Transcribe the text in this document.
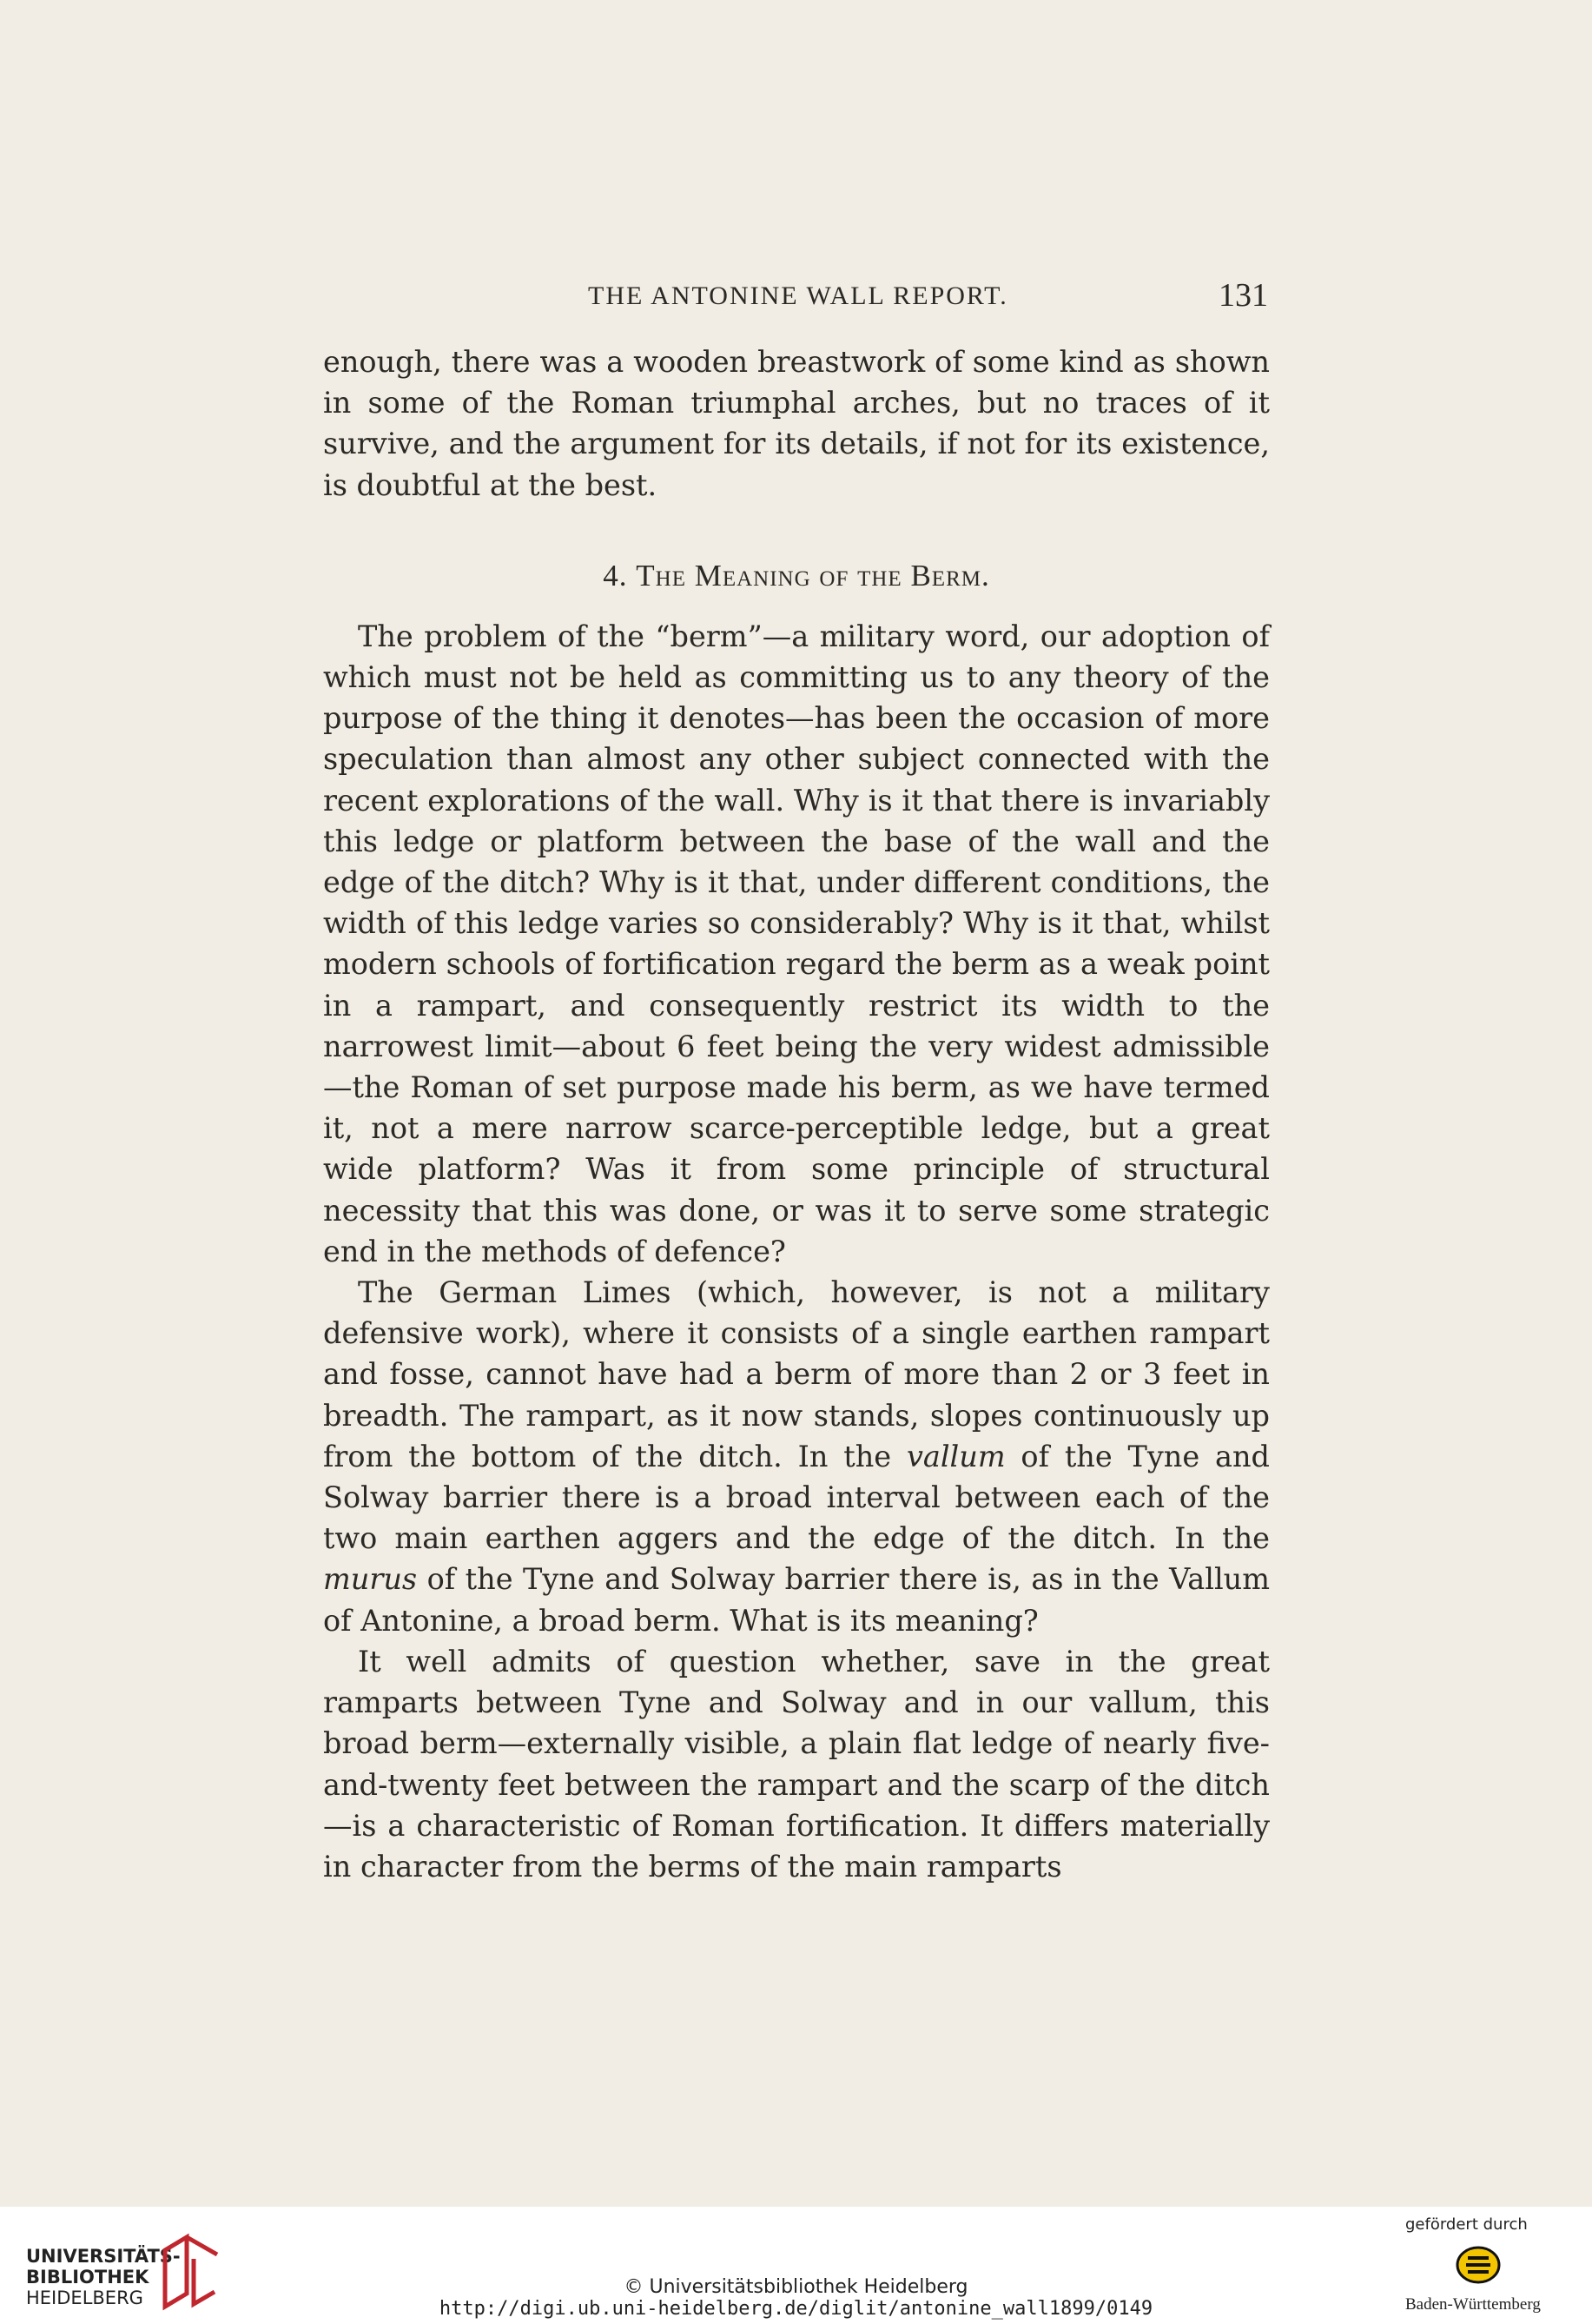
THE ANTONINE WALL REPORT.	131

enough, there was a wooden breastwork of some kind as shown in some of the Roman triumphal arches, but no traces of it survive, and the argument for its details, if not for its existence, is doubtful at the best.

4. The Meaning of the Berm.

The problem of the “berm”—a military word, our adoption of which must not be held as committing us to any theory of the purpose of the thing it denotes—has been the occasion of more speculation than almost any other subject connected with the recent explorations of the wall. Why is it that there is invariably this ledge or platform between the base of the wall and the edge of the ditch? Why is it that, under different conditions, the width of this ledge varies so considerably? Why is it that, whilst modern schools of fortification regard the berm as a weak point in a rampart, and consequently restrict its width to the narrowest limit—about 6 feet being the very widest admissible—the Roman of set purpose made his berm, as we have termed it, not a mere narrow scarce-perceptible ledge, but a great wide platform? Was it from some principle of structural necessity that this was done, or was it to serve some strategic end in the methods of defence?

The German Limes (which, however, is not a military defensive work), where it consists of a single earthen rampart and fosse, cannot have had a berm of more than 2 or 3 feet in breadth. The rampart, as it now stands, slopes continuously up from the bottom of the ditch. In the vallum of the Tyne and Solway barrier there is a broad interval between each of the two main earthen aggers and the edge of the ditch. In the murus of the Tyne and Solway barrier there is, as in the Vallum of Antonine, a broad berm. What is its meaning?

It well admits of question whether, save in the great ramparts between Tyne and Solway and in our vallum, this broad berm—externally visible, a plain flat ledge of nearly five-and-twenty feet between the rampart and the scarp of the ditch—is a characteristic of Roman fortification. It differs materially in character from the berms of the main ramparts

UNIVERSITÄTS-
BIBLIOTHEK
HEIDELBERG	© Universitätsbibliothek Heidelberg
http://digi.ub.uni-heidelberg.de/diglit/antonine_wall1899/0149
gefördert durch
Baden-Württemberg
